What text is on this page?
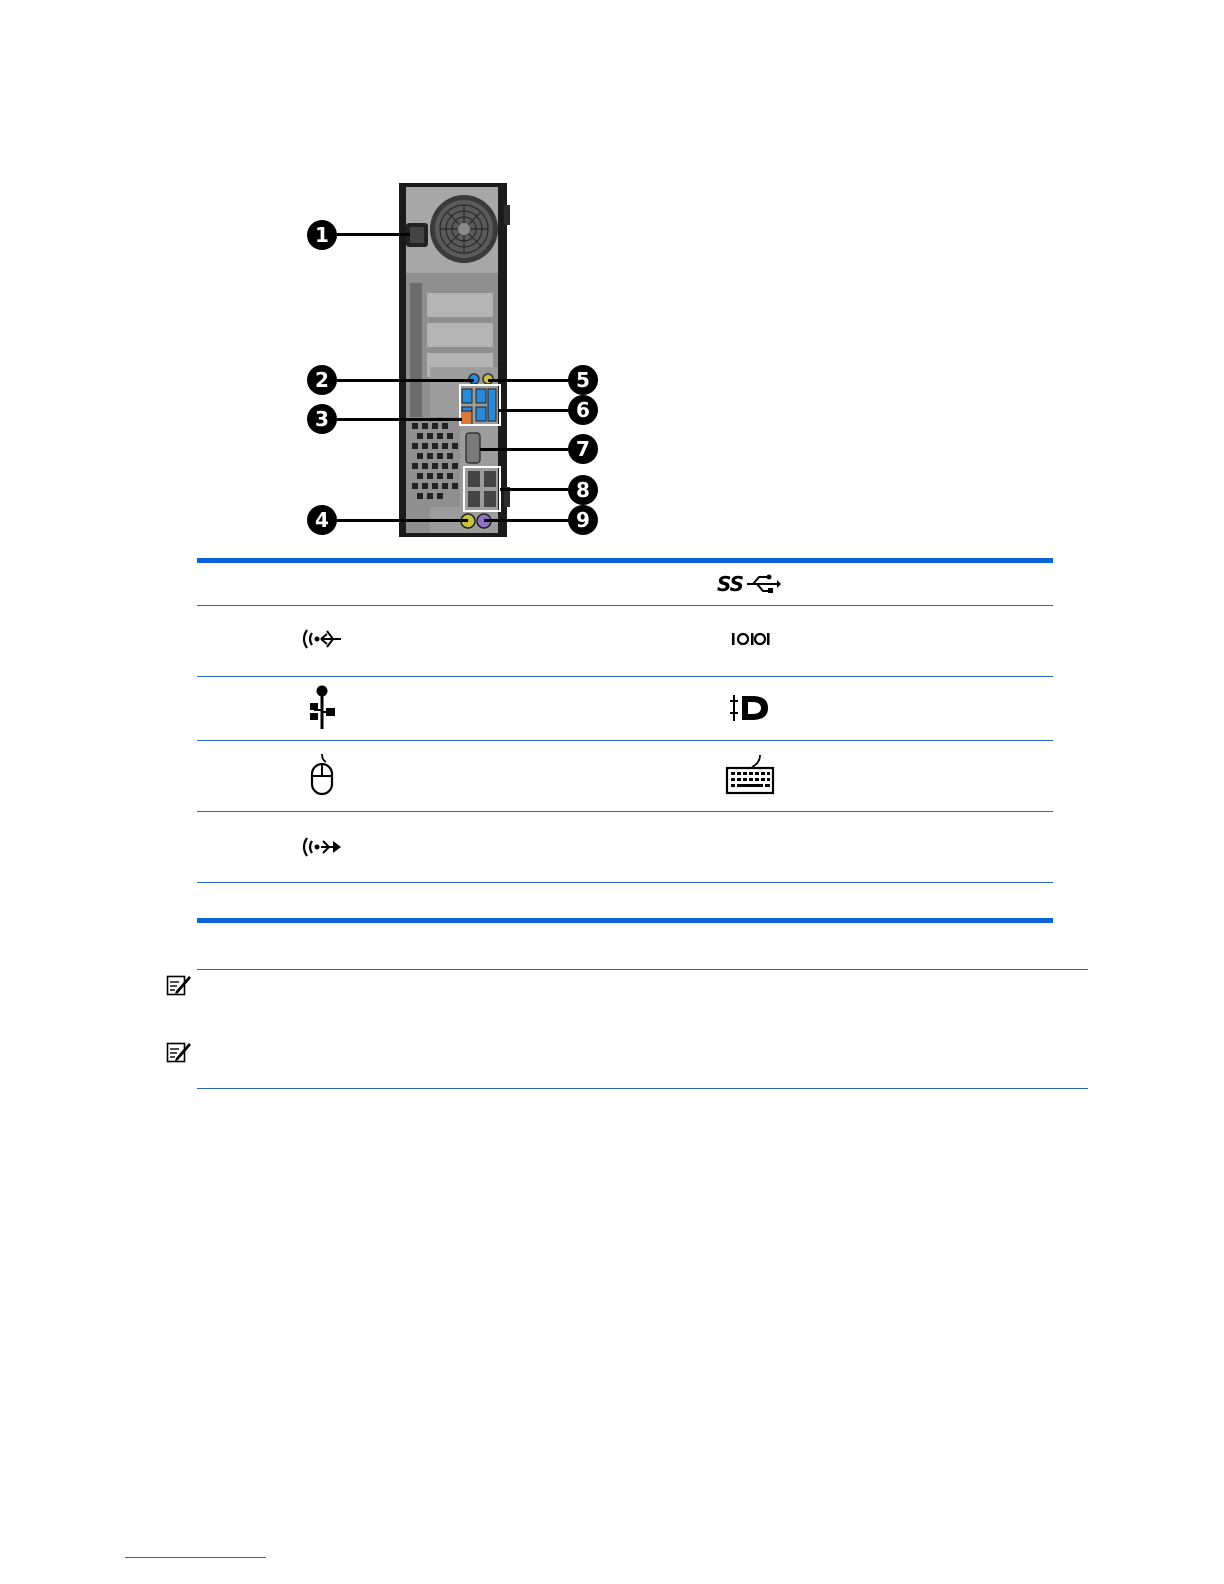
1
2
3
4
5
6
7
8
9
SS
